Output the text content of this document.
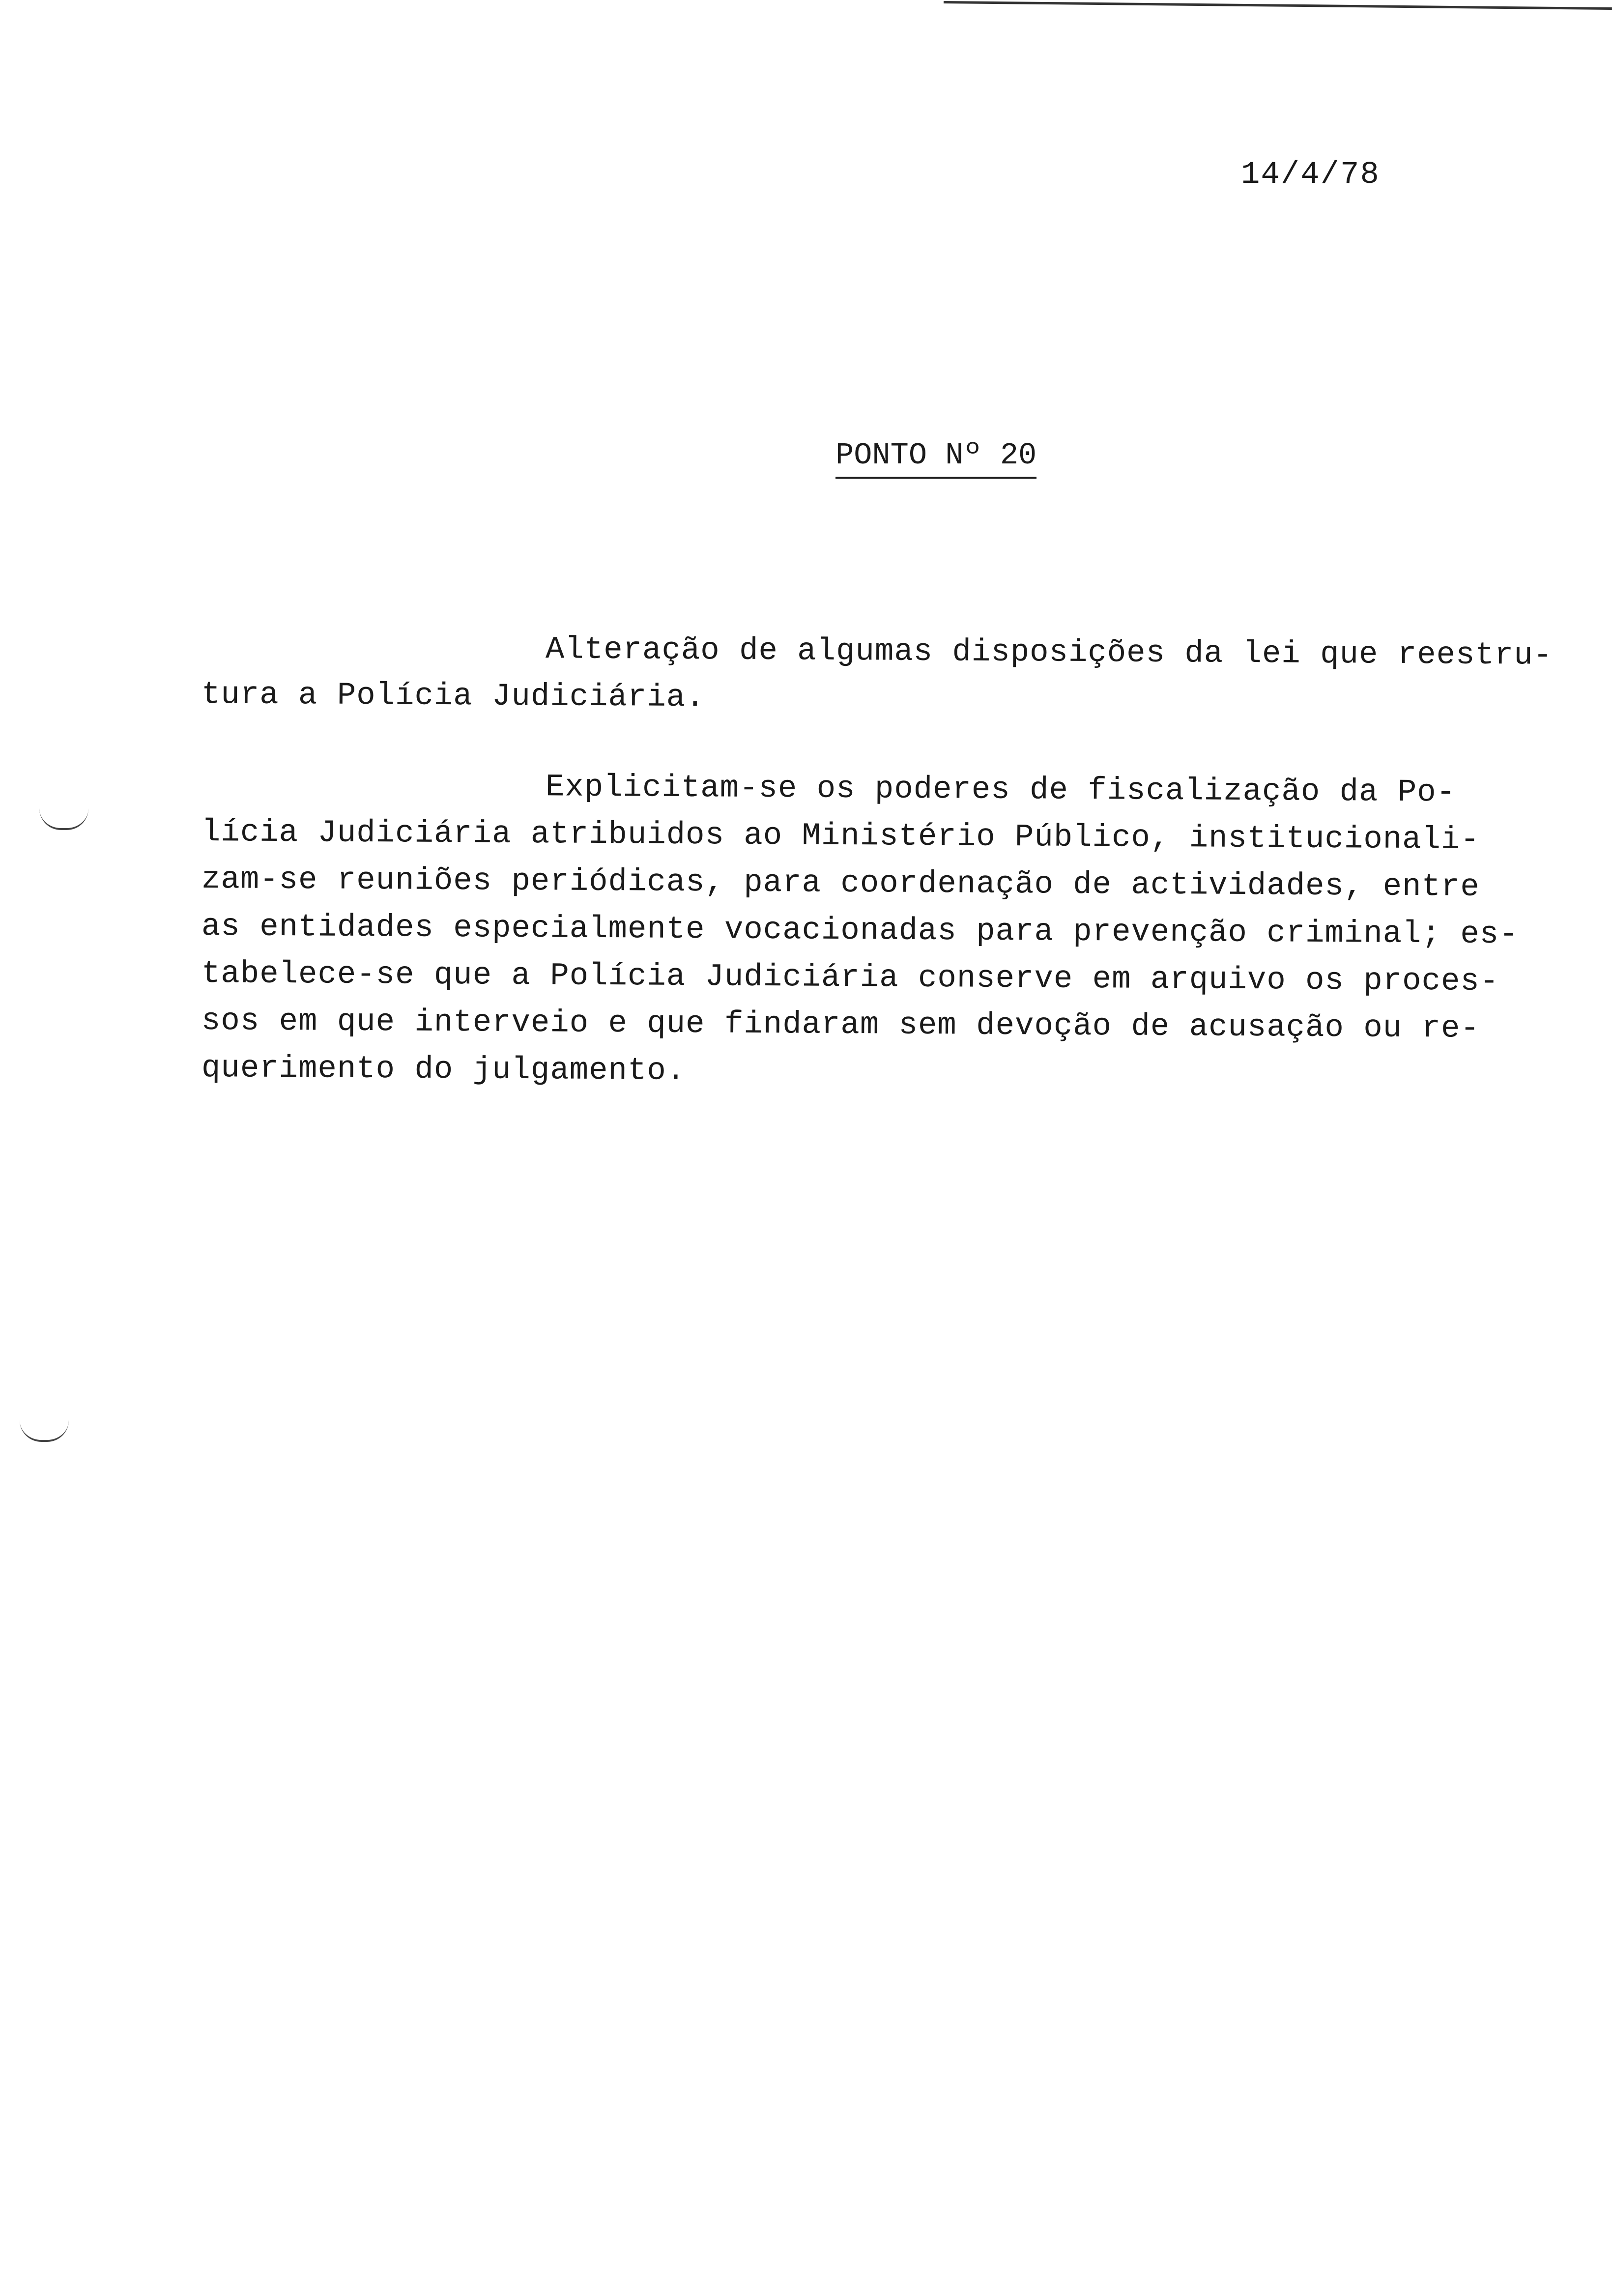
14/4/78
PONTO Nº 20
Alteração de algumas disposições da lei que reestru-
tura a Polícia Judiciária.
Explicitam-se os poderes de fiscalização da Po-
lícia Judiciária atribuidos ao Ministério Público, institucionali-
zam-se reuniões periódicas, para coordenação de actividades, entre
as entidades especialmente vocacionadas para prevenção criminal; es-
tabelece-se que a Polícia Judiciária conserve em arquivo os proces-
sos em que interveio e que findaram sem devoção de acusação ou re-
querimento do julgamento.
